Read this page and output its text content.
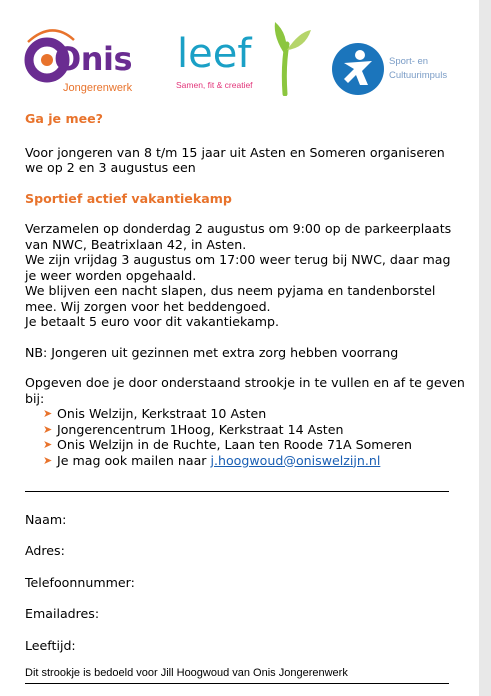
Onis
Jongerenwerk
leef
Samen, fit & creatief
Sport- en
Cultuurimpuls

Ga je mee?

Voor jongeren van 8 t/m 15 jaar uit Asten en Someren organiseren we op 2 en 3 augustus een

Sportief actief vakantiekamp

Verzamelen op donderdag 2 augustus om 9:00 op de parkeerplaats van NWC, Beatrixlaan 42, in Asten.

We zijn vrijdag 3 augustus om 17:00 weer terug bij NWC, daar mag je weer worden opgehaald.

We blijven een nacht slapen, dus neem pyjama en tandenborstel mee. Wij zorgen voor het beddengoed.

Je betaalt 5 euro voor dit vakantiekamp.

NB: Jongeren uit gezinnen met extra zorg hebben voorrang

Opgeven doe je door onderstaand strookje in te vullen en af te geven bij:

➤ Onis Welzijn, Kerkstraat 10 Asten
➤ Jongerencentrum 1Hoog, Kerkstraat 14 Asten
➤ Onis Welzijn in de Ruchte, Laan ten Roode 71A Someren
➤ Je mag ook mailen naar j.hoogwoud@oniswelzijn.nl
Naam:
Adres:
Telefoonnummer:
Emailadres:
Leeftijd:
Dit strookje is bedoeld voor Jill Hoogwoud van Onis Jongerenwerk
